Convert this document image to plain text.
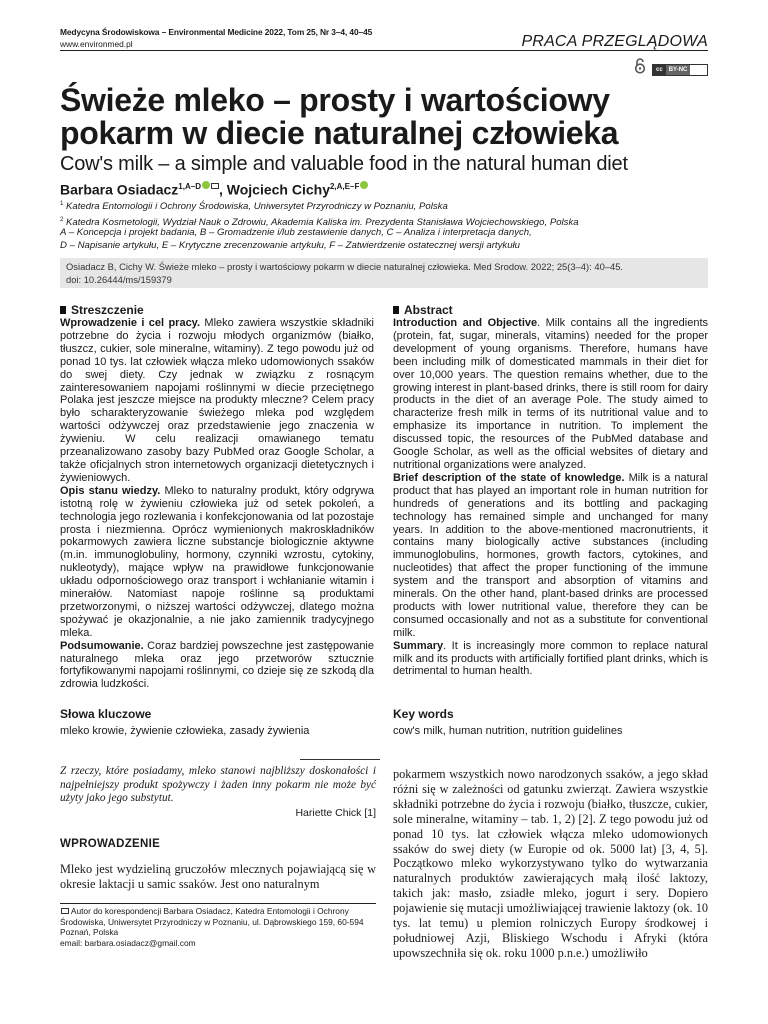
Medycyna Środowiskowa – Environmental Medicine 2022, Tom 25, Nr 3–4, 40–45
www.environmed.pl	PRACA PRZEGLĄDOWA
cc	BY-NC
Świeże mleko – prosty i wartościowy pokarm w diecie naturalnej człowieka
Cow's milk – a simple and valuable food in the natural human diet
Barbara Osiadacz$^{1,A-D}$ , Wojciech Cichy$^{2,A,E-F}$
$^1$ Katedra Entomologii i Ochrony Środowiska, Uniwersytet Przyrodniczy w Poznaniu, Polska
$^2$ Katedra Kosmetologii, Wydział Nauk o Zdrowiu, Akademia Kaliska im. Prezydenta Stanisława Wojciechowskiego, Polska
A – Koncepcja i projekt badania, B – Gromadzenie i/lub zestawienie danych, C – Analiza i interpretacja danych,
D – Napisanie artykułu, E – Krytyczne zrecenzowanie artykułu, F – Zatwierdzenie ostatecznej wersji artykułu
Osiadacz B, Cichy W. Świeże mleko – prosty i wartościowy pokarm w diecie naturalnej człowieka. Med Srodow. 2022; 25(3–4): 40–45.
doi: 10.26444/ms/159379
Streszczenie
Wprowadzenie i cel pracy. Mleko zawiera wszystkie składniki potrzebne do życia i rozwoju młodych organizmów (białko, tłuszcz, cukier, sole mineralne, witaminy). Z tego powodu już od ponad 10 tys. lat człowiek włącza mleko udomowionych ssaków do swej diety. Czy jednak w związku z rosnącym zainteresowaniem napojami roślinnymi w diecie przeciętnego Polaka jest jeszcze miejsce na produkty mleczne? Celem pracy było scharakteryzowanie świeżego mleka pod względem wartości odżywczej oraz przedstawienie jego znaczenia w żywieniu. W celu realizacji omawianego tematu przeanalizowano zasoby bazy PubMed oraz Google Scholar, a także oficjalnych stron internetowych organizacji dietetycznych i żywieniowych.
Opis stanu wiedzy. Mleko to naturalny produkt, który odgrywa istotną rolę w żywieniu człowieka już od setek pokoleń, a technologia jego rozlewania i konfekcjonowania od lat pozostaje prosta i niezmienna. Oprócz wymienionych makroskładników pokarmowych zawiera liczne substancje biologicznie aktywne (m.in. immunoglobuliny, hormony, czynniki wzrostu, cytokiny, nukleotydy), mające wpływ na prawidłowe funkcjonowanie układu odpornościowego oraz transport i wchłanianie witamin i minerałów. Natomiast napoje roślinne są produktami przetworzonymi, o niższej wartości odżywczej, dlatego można spożywać je okazjonalnie, a nie jako zamiennik tradycyjnego mleka.
Podsumowanie. Coraz bardziej powszechne jest zastępowanie naturalnego mleka oraz jego przetworów sztucznie fortyfikowanymi napojami roślinnymi, co dzieje się ze szkodą dla zdrowia ludzkości.
Słowa kluczowe
mleko krowie, żywienie człowieka, zasady żywienia
Abstract
Introduction and Objective. Milk contains all the ingredients (protein, fat, sugar, minerals, vitamins) needed for the proper development of young organisms. Therefore, humans have been including milk of domesticated mammals in their diet for over 10,000 years. The question remains whether, due to the growing interest in plant-based drinks, there is still room for dairy products in the diet of an average Pole. The study aimed to characterize fresh milk in terms of its nutritional value and to emphasize its importance in nutrition. To implement the discussed topic, the resources of the PubMed database and Google Scholar, as well as the official websites of dietary and nutritional organizations were analyzed.
Brief description of the state of knowledge. Milk is a natural product that has played an important role in human nutrition for hundreds of generations and its bottling and packaging technology has remained simple and unchanged for many years. In addition to the above-mentioned macronutrients, it contains many biologically active substances (including immunoglobulins, hormones, growth factors, cytokines, and nucleotides) that affect the proper functioning of the immune system and the transport and absorption of vitamins and minerals. On the other hand, plant-based drinks are processed products with lower nutritional value, therefore they can be consumed occasionally and not as a substitute for conventional milk.
Summary. It is increasingly more common to replace natural milk and its products with artificially fortified plant drinks, which is detrimental to human health.
Key words
cow's milk, human nutrition, nutrition guidelines
Z rzeczy, które posiadamy, mleko stanowi najbliższy doskonałości i najpełniejszy produkt spożywczy i żaden inny pokarm nie może być użyty jako jego substytut.
Hariette Chick [1]
WPROWADZENIE
Mleko jest wydzieliną gruczołów mlecznych pojawiającą się w okresie laktacji u samic ssaków. Jest ono naturalnym
pokarmem wszystkich nowo narodzonych ssaków, a jego skład różni się w zależności od gatunku zwierząt. Zawiera wszystkie składniki potrzebne do życia i rozwoju (białko, tłuszcze, cukier, sole mineralne, witaminy – tab. 1, 2) [2]. Z tego powodu już od ponad 10 tys. lat człowiek włącza mleko udomowionych ssaków do swej diety (w Europie od ok. 5000 lat) [3, 4, 5]. Początkowo mleko wykorzystywano tylko do wytwarzania naturalnych produktów zawierających małą ilość laktozy, takich jak: masło, zsiadłe mleko, jogurt i sery. Dopiero pojawienie się mutacji umożliwiającej trawienie laktozy (ok. 10 tys. lat temu) u plemion rolniczych Europy środkowej i południowej Azji, Bliskiego Wschodu i Afryki (która upowszechniła się ok. roku 1000 p.n.e.) umożliwiło
Autor do korespondencji Barbara Osiadacz, Katedra Entomologii i Ochrony
Środowiska, Uniwersytet Przyrodniczy w Poznaniu, ul. Dąbrowskiego 159, 60-594
Poznań, Polska
email: barbara.osiadacz@gmail.com
